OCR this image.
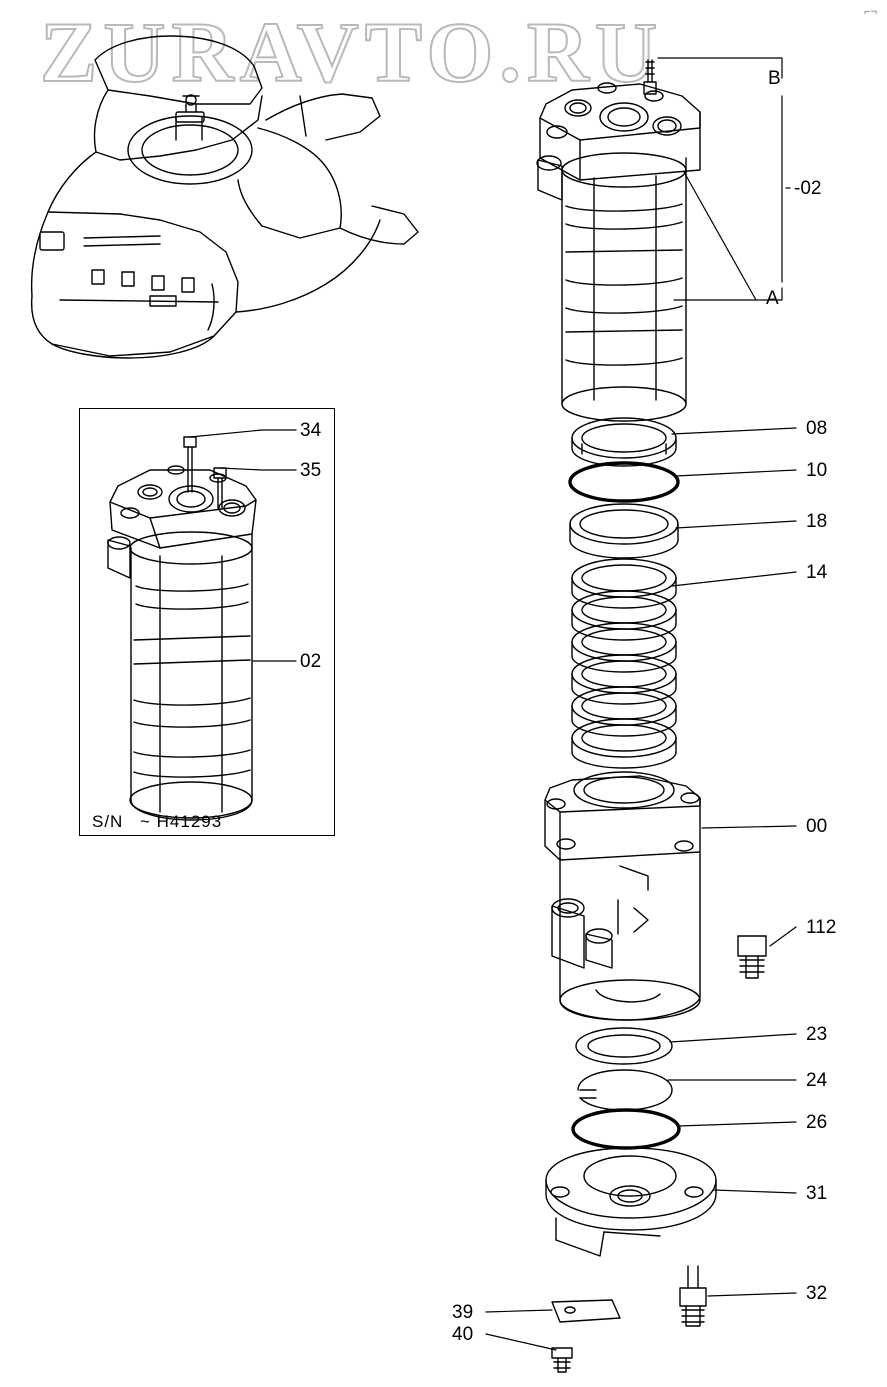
ZURAVTO.RU	⌐¬
S/N ~ H41293
34
35
02
B
A
-02
08
10
18
14
00
112
23
24
26
31
32
39
40
